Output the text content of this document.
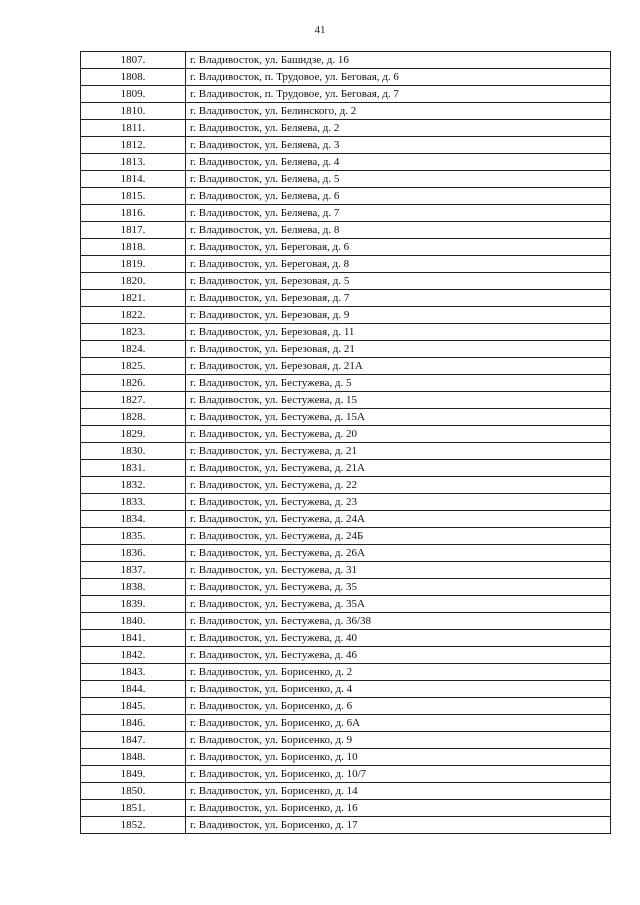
41
1807.	г. Владивосток, ул. Башидзе, д. 16
1808.	г. Владивосток, п. Трудовое, ул. Беговая, д. 6
1809.	г. Владивосток, п. Трудовое, ул. Беговая, д. 7
1810.	г. Владивосток, ул. Белинского, д. 2
1811.	г. Владивосток, ул. Беляева, д. 2
1812.	г. Владивосток, ул. Беляева, д. 3
1813.	г. Владивосток, ул. Беляева, д. 4
1814.	г. Владивосток, ул. Беляева, д. 5
1815.	г. Владивосток, ул. Беляева, д. 6
1816.	г. Владивосток, ул. Беляева, д. 7
1817.	г. Владивосток, ул. Беляева, д. 8
1818.	г. Владивосток, ул. Береговая, д. 6
1819.	г. Владивосток, ул. Береговая, д. 8
1820.	г. Владивосток, ул. Березовая, д. 5
1821.	г. Владивосток, ул. Березовая, д. 7
1822.	г. Владивосток, ул. Березовая, д. 9
1823.	г. Владивосток, ул. Березовая, д. 11
1824.	г. Владивосток, ул. Березовая, д. 21
1825.	г. Владивосток, ул. Березовая, д. 21А
1826.	г. Владивосток, ул. Бестужева, д. 5
1827.	г. Владивосток, ул. Бестужева, д. 15
1828.	г. Владивосток, ул. Бестужева, д. 15А
1829.	г. Владивосток, ул. Бестужева, д. 20
1830.	г. Владивосток, ул. Бестужева, д. 21
1831.	г. Владивосток, ул. Бестужева, д. 21А
1832.	г. Владивосток, ул. Бестужева, д. 22
1833.	г. Владивосток, ул. Бестужева, д. 23
1834.	г. Владивосток, ул. Бестужева, д. 24А
1835.	г. Владивосток, ул. Бестужева, д. 24Б
1836.	г. Владивосток, ул. Бестужева, д. 26А
1837.	г. Владивосток, ул. Бестужева, д. 31
1838.	г. Владивосток, ул. Бестужева, д. 35
1839.	г. Владивосток, ул. Бестужева, д. 35А
1840.	г. Владивосток, ул. Бестужева, д. 36/38
1841.	г. Владивосток, ул. Бестужева, д. 40
1842.	г. Владивосток, ул. Бестужева, д. 46
1843.	г. Владивосток, ул. Борисенко, д. 2
1844.	г. Владивосток, ул. Борисенко, д. 4
1845.	г. Владивосток, ул. Борисенко, д. 6
1846.	г. Владивосток, ул. Борисенко, д. 6А
1847.	г. Владивосток, ул. Борисенко, д. 9
1848.	г. Владивосток, ул. Борисенко, д. 10
1849.	г. Владивосток, ул. Борисенко, д. 10/7
1850.	г. Владивосток, ул. Борисенко, д. 14
1851.	г. Владивосток, ул. Борисенко, д. 16
1852.	г. Владивосток, ул. Борисенко, д. 17
